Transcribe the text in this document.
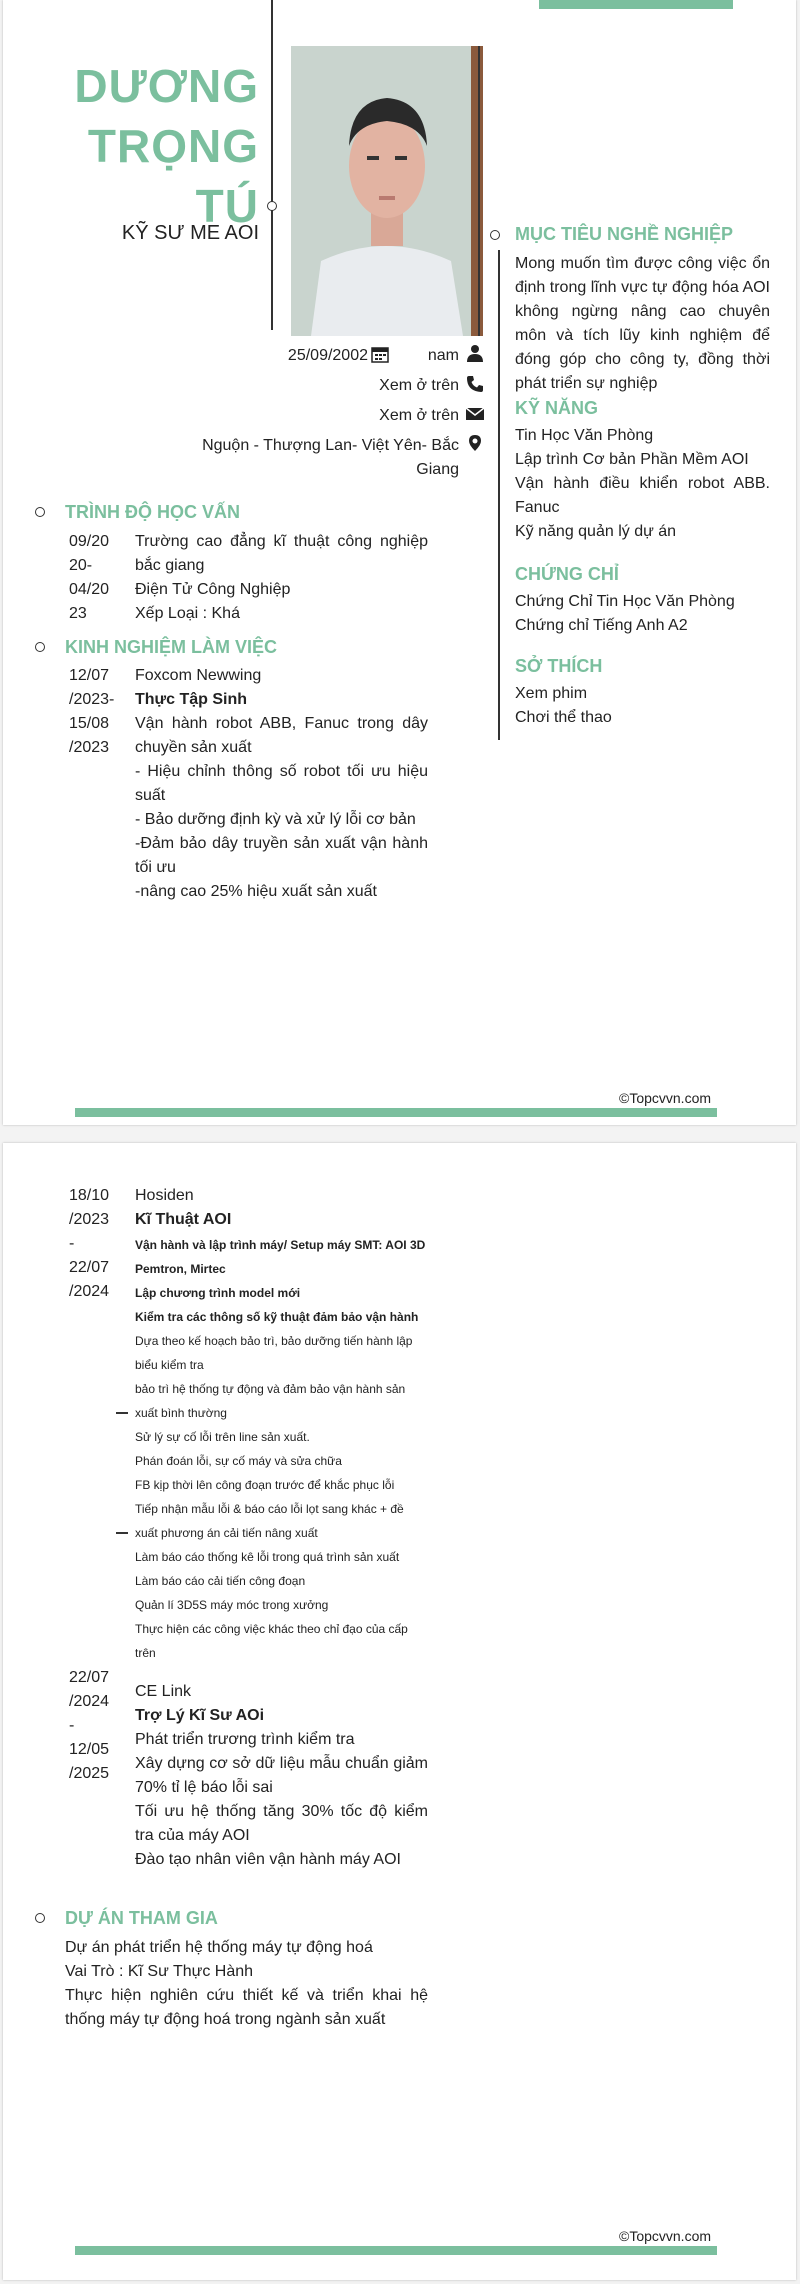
DƯƠNG
TRỌNG TÚ
KỸ SƯ ME AOI
25/09/2002	nam
Xem ở trên
Xem ở trên
Nguộn - Thượng Lan- Việt Yên- Bắc
Giang
MỤC TIÊU NGHỀ NGHIỆP
Mong muốn tìm được công việc ổn định trong lĩnh vực tự động hóa AOI không ngừng nâng cao chuyên môn và tích lũy kinh nghiệm để đóng góp cho công ty, đồng thời phát triển sự nghiệp
KỸ NĂNG
Tin Học Văn Phòng
Lập trình Cơ bản Phần Mềm AOI
Vận hành điều khiển robot ABB. Fanuc
Kỹ năng quản lý dự án
CHỨNG CHỈ
Chứng Chỉ Tin Học Văn Phòng
Chứng chỉ Tiếng Anh A2
SỞ THÍCH
Xem phim
Chơi thể thao
TRÌNH ĐỘ HỌC VẤN
09/20
20-
04/20
23
Trường cao đẳng kĩ thuật công nghiệp bắc giang
Điện Tử Công Nghiệp
Xếp Loại : Khá
KINH NGHIỆM LÀM VIỆC
12/07
/2023-
15/08
/2023
Foxcom Newwing
Thực Tập Sinh
Vận hành robot ABB, Fanuc trong dây chuyền sản xuất
- Hiệu chỉnh thông số robot tối ưu hiệu suất
- Bảo dưỡng định kỳ và xử lý lỗi cơ bản
-Đảm bảo dây truyền sản xuất vận hành tối ưu
-nâng cao 25% hiệu xuất sản xuất
©Topcvvn.com
18/10
/2023
-
22/07
/2024
Hosiden
Kĩ Thuật AOI
Vận hành và lập trình máy/ Setup máy SMT: AOI 3D
Pemtron, Mirtec
Lập chương trình model mới
Kiểm tra các thông số kỹ thuật đảm bảo vận hành
Dựa theo kế hoạch bảo trì, bảo dưỡng tiến hành lập
biểu kiểm tra
bảo trì hệ thống tự động và đảm bảo vận hành sản
xuất bình thường
Sử lý sự cố lỗi trên line sản xuất.
Phán đoán lỗi, sự cố máy và sửa chữa
FB kịp thời lên công đoạn trước để khắc phục lỗi
Tiếp nhận mẫu lỗi & báo cáo lỗi lọt sang khác + đề
xuất phương án cải tiến nâng xuất
Làm báo cáo thống kê lỗi trong quá trình sản xuất
Làm báo cáo cải tiến công đoạn
Quản lí 3D5S máy móc trong xưởng
Thực hiện các công việc khác theo chỉ đạo của cấp
trên
22/07
/2024
-
12/05
/2025
CE Link
Trợ Lý Kĩ Sư AOi
Phát triển trương trình kiểm tra
Xây dựng cơ sở dữ liệu mẫu chuẩn giảm 70% tỉ lệ báo lỗi sai
Tối ưu hệ thống tăng 30% tốc độ kiểm tra của máy AOI
Đào tạo nhân viên vận hành máy AOI
DỰ ÁN THAM GIA
Dự án phát triển hệ thống máy tự động hoá
Vai Trò : Kĩ Sư Thực Hành
Thực hiện nghiên cứu thiết kế và triển khai hệ thống máy tự động hoá trong ngành sản xuất
©Topcvvn.com
